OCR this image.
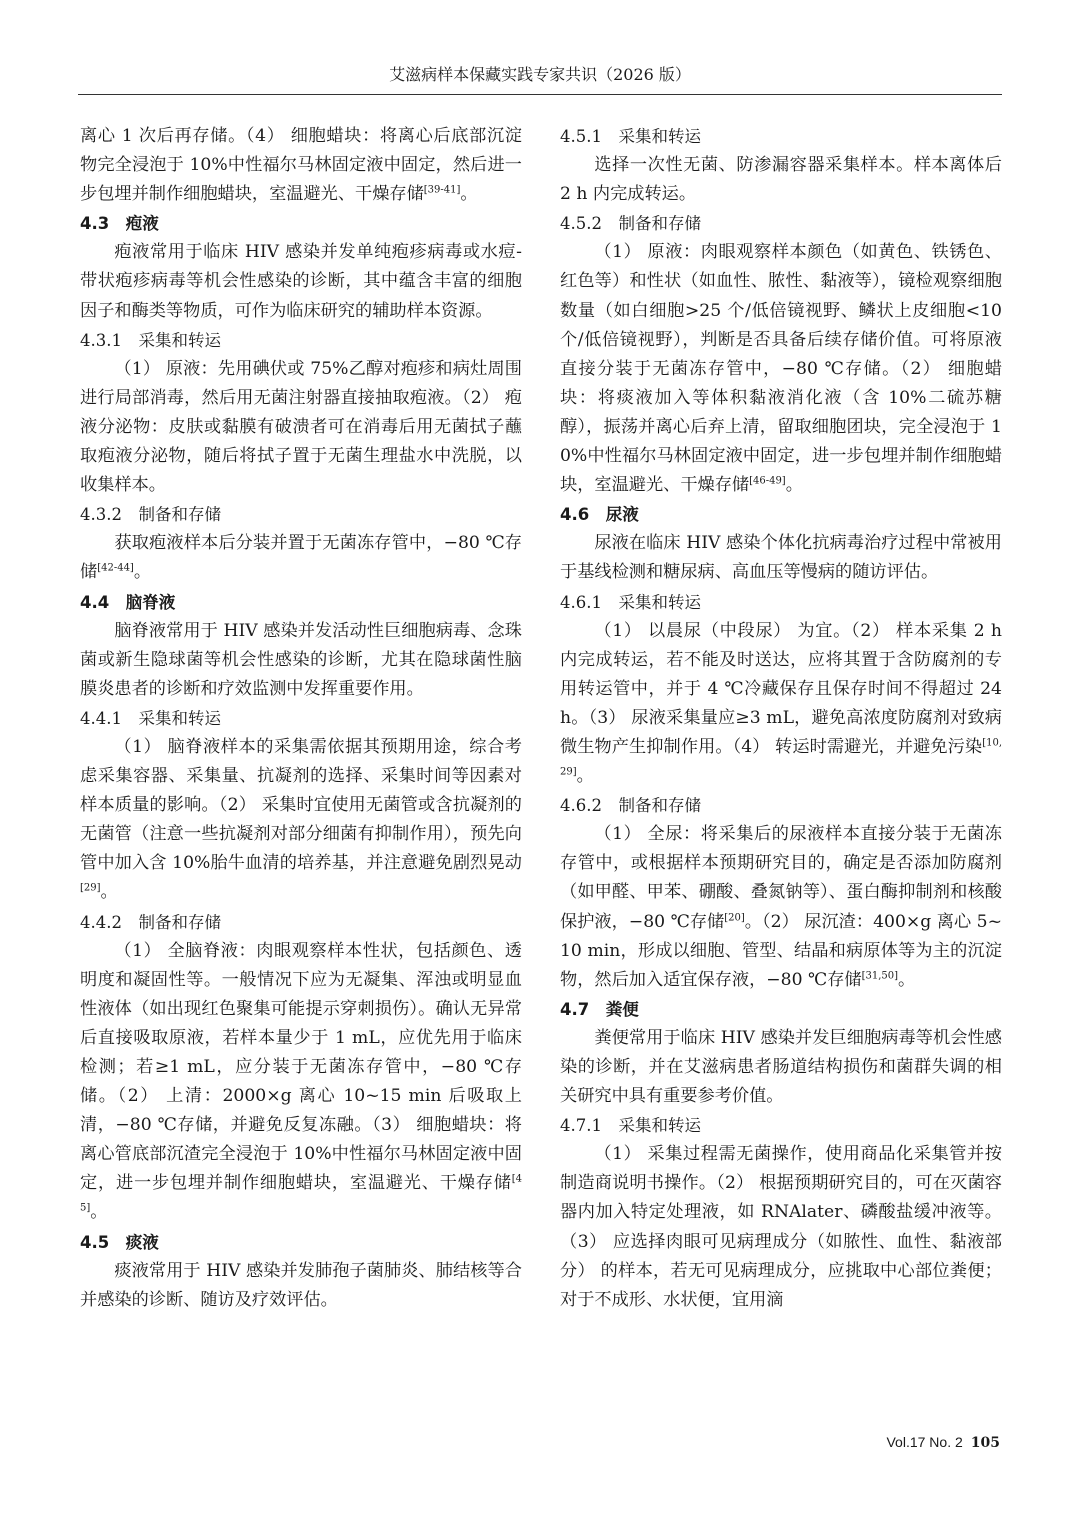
艾滋病样本保藏实践专家共识（2026 版）

离心 1 次后再存储。（4） 细胞蜡块：将离心后底部沉淀物完全浸泡于 10%中性福尔马林固定液中固定，然后进一步包埋并制作细胞蜡块，室温避光、干燥存储[39-41]。

4.3　疱液

疱液常用于临床 HIV 感染并发单纯疱疹病毒或水痘-带状疱疹病毒等机会性感染的诊断，其中蕴含丰富的细胞因子和酶类等物质，可作为临床研究的辅助样本资源。

4.3.1　采集和转运

（1） 原液：先用碘伏或 75%乙醇对疱疹和病灶周围进行局部消毒，然后用无菌注射器直接抽取疱液。（2） 疱液分泌物：皮肤或黏膜有破溃者可在消毒后用无菌拭子蘸取疱液分泌物，随后将拭子置于无菌生理盐水中洗脱，以收集样本。

4.3.2　制备和存储

获取疱液样本后分装并置于无菌冻存管中，−80 ℃存储[42-44]。

4.4　脑脊液

脑脊液常用于 HIV 感染并发活动性巨细胞病毒、念珠菌或新生隐球菌等机会性感染的诊断，尤其在隐球菌性脑膜炎患者的诊断和疗效监测中发挥重要作用。

4.4.1　采集和转运

（1） 脑脊液样本的采集需依据其预期用途，综合考虑采集容器、采集量、抗凝剂的选择、采集时间等因素对样本质量的影响。（2） 采集时宜使用无菌管或含抗凝剂的无菌管（注意一些抗凝剂对部分细菌有抑制作用），预先向管中加入含 10%胎牛血清的培养基，并注意避免剧烈晃动[29]。

4.4.2　制备和存储

（1） 全脑脊液：肉眼观察样本性状，包括颜色、透明度和凝固性等。一般情况下应为无凝集、浑浊或明显血性液体（如出现红色聚集可能提示穿刺损伤）。确认无异常后直接吸取原液，若样本量少于 1 mL，应优先用于临床检测；若≥1 mL，应分装于无菌冻存管中，−80 ℃存储。（2） 上清：2000×g 离心 10~15 min 后吸取上清，−80 ℃存储，并避免反复冻融。（3） 细胞蜡块：将离心管底部沉渣完全浸泡于 10%中性福尔马林固定液中固定，进一步包埋并制作细胞蜡块，室温避光、干燥存储[45]。

4.5　痰液

痰液常用于 HIV 感染并发肺孢子菌肺炎、肺结核等合并感染的诊断、随访及疗效评估。

4.5.1　采集和转运

选择一次性无菌、防渗漏容器采集样本。样本离体后 2 h 内完成转运。

4.5.2　制备和存储

（1） 原液：肉眼观察样本颜色（如黄色、铁锈色、红色等）和性状（如血性、脓性、黏液等），镜检观察细胞数量（如白细胞>25 个/低倍镜视野、鳞状上皮细胞<10 个/低倍镜视野），判断是否具备后续存储价值。可将原液直接分装于无菌冻存管中，−80 ℃存储。（2） 细胞蜡块：将痰液加入等体积黏液消化液（含 10%二硫苏糖醇），振荡并离心后弃上清，留取细胞团块，完全浸泡于 10%中性福尔马林固定液中固定，进一步包埋并制作细胞蜡块，室温避光、干燥存储[46-49]。

4.6　尿液

尿液在临床 HIV 感染个体化抗病毒治疗过程中常被用于基线检测和糖尿病、高血压等慢病的随访评估。

4.6.1　采集和转运

（1） 以晨尿（中段尿） 为宜。（2） 样本采集 2 h 内完成转运，若不能及时送达，应将其置于含防腐剂的专用转运管中，并于 4 ℃冷藏保存且保存时间不得超过 24 h。（3） 尿液采集量应≥3 mL，避免高浓度防腐剂对致病微生物产生抑制作用。（4） 转运时需避光，并避免污染[10,29]。

4.6.2　制备和存储

（1） 全尿：将采集后的尿液样本直接分装于无菌冻存管中，或根据样本预期研究目的，确定是否添加防腐剂（如甲醛、甲苯、硼酸、叠氮钠等）、蛋白酶抑制剂和核酸保护液，−80 ℃存储[20]。（2） 尿沉渣：400×g 离心 5~10 min，形成以细胞、管型、结晶和病原体等为主的沉淀物，然后加入适宜保存液，−80 ℃存储[31,50]。

4.7　粪便

粪便常用于临床 HIV 感染并发巨细胞病毒等机会性感染的诊断，并在艾滋病患者肠道结构损伤和菌群失调的相关研究中具有重要参考价值。

4.7.1　采集和转运

（1） 采集过程需无菌操作，使用商品化采集管并按制造商说明书操作。（2） 根据预期研究目的，可在灭菌容器内加入特定处理液，如 RNAlater、磷酸盐缓冲液等。（3） 应选择肉眼可见病理成分（如脓性、血性、黏液部分） 的样本，若无可见病理成分，应挑取中心部位粪便；对于不成形、水状便，宜用滴

Vol.17 No. 2 105
